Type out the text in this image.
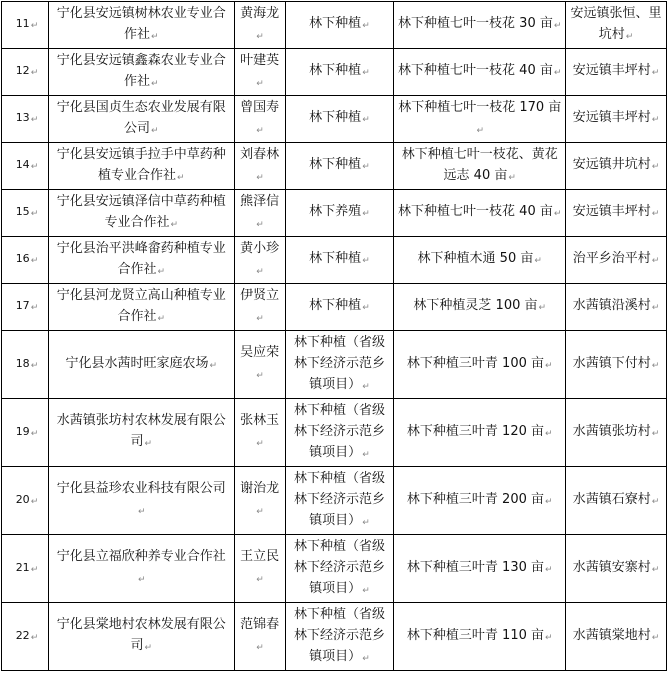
11↵	宁化县安远镇树林农业专业合作社↵	黄海龙↵	林下种植↵	林下种植七叶一枝花 30 亩↵	安远镇张恒、里坑村↵
12↵	宁化县安远镇鑫森农业专业合作社↵	叶建英↵	林下种植↵	林下种植七叶一枝花 40 亩↵	安远镇丰坪村↵
13↵	宁化县国贞生态农业发展有限公司↵	曾国寿↵	林下种植↵	林下种植七叶一枝花 170 亩↵	安远镇丰坪村↵
14↵	宁化县安远镇手拉手中草药种植专业合作社↵	刘春林↵	林下种植↵	林下种植七叶一枝花、黄花远志 40 亩↵	安远镇井坑村↵
15↵	宁化县安远镇泽信中草药种植专业合作社↵	熊泽信↵	林下养殖↵	林下种植七叶一枝花 40 亩↵	安远镇丰坪村↵
16↵	宁化县治平洪峰畲药种植专业合作社↵	黄小珍↵	林下种植↵	林下种植木通 50 亩↵	治平乡治平村↵
17↵	宁化县河龙贤立高山种植专业合作社↵	伊贤立↵	林下种植↵	林下种植灵芝 100 亩↵	水茜镇沿溪村↵
18↵	宁化县水茜时旺家庭农场↵	吴应荣↵	林下种植（省级林下经济示范乡镇项目）↵	林下种植三叶青 100 亩↵	水茜镇下付村↵
19↵	水茜镇张坊村农林发展有限公司↵	张林玉↵	林下种植（省级林下经济示范乡镇项目）↵	林下种植三叶青 120 亩↵	水茜镇张坊村↵
20↵	宁化县益珍农业科技有限公司↵	谢治龙↵	林下种植（省级林下经济示范乡镇项目）↵	林下种植三叶青 200 亩↵	水茜镇石寮村↵
21↵	宁化县立福欣种养专业合作社↵	王立民↵	林下种植（省级林下经济示范乡镇项目）↵	林下种植三叶青 130 亩↵	水茜镇安寨村↵
22↵	宁化县棠地村农林发展有限公司↵	范锦春↵	林下种植（省级林下经济示范乡镇项目）↵	林下种植三叶青 110 亩↵	水茜镇棠地村↵
